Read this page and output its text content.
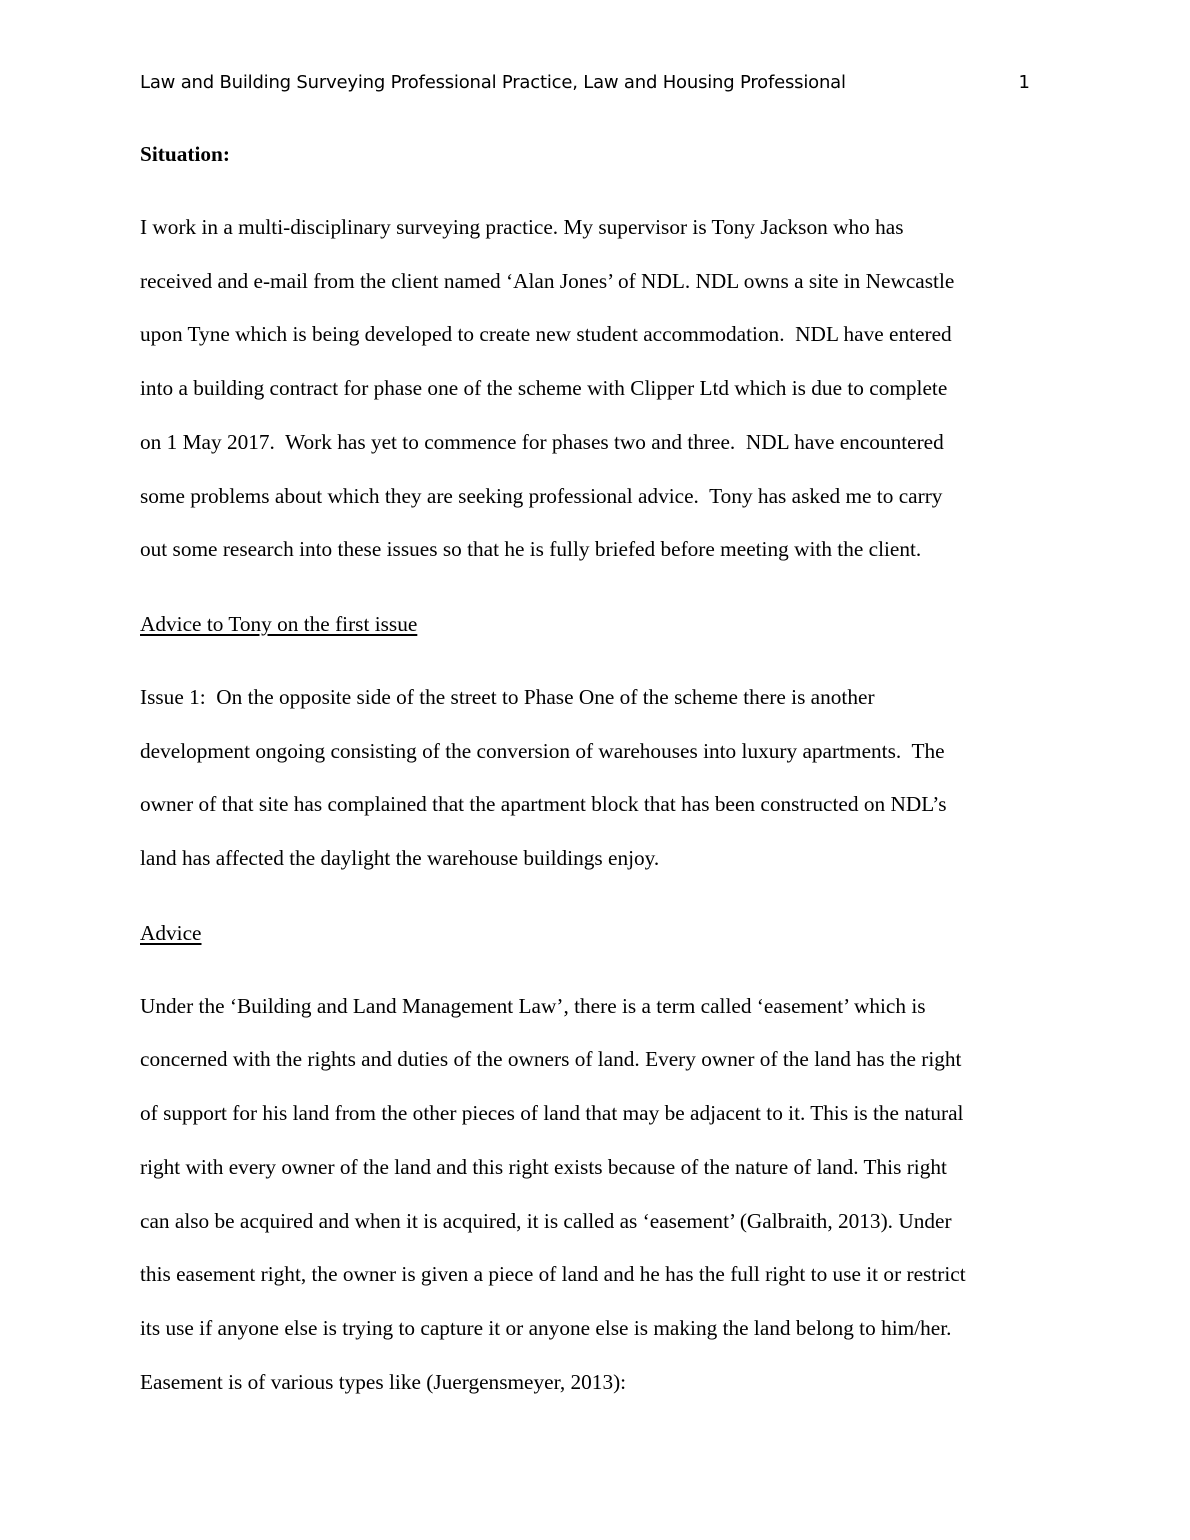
Law and Building Surveying Professional Practice, Law and Housing Professional	1
Situation:

I work in a multi-disciplinary surveying practice. My supervisor is Tony Jackson who has

received and e-mail from the client named ‘Alan Jones’ of NDL. NDL owns a site in Newcastle

upon Tyne which is being developed to create new student accommodation.  NDL have entered

into a building contract for phase one of the scheme with Clipper Ltd which is due to complete

on 1 May 2017.  Work has yet to commence for phases two and three.  NDL have encountered

some problems about which they are seeking professional advice.  Tony has asked me to carry

out some research into these issues so that he is fully briefed before meeting with the client.

Advice to Tony on the first issue

Issue 1:  On the opposite side of the street to Phase One of the scheme there is another

development ongoing consisting of the conversion of warehouses into luxury apartments.  The

owner of that site has complained that the apartment block that has been constructed on NDL’s

land has affected the daylight the warehouse buildings enjoy.

Advice

Under the ‘Building and Land Management Law’, there is a term called ‘easement’ which is

concerned with the rights and duties of the owners of land. Every owner of the land has the right

of support for his land from the other pieces of land that may be adjacent to it. This is the natural

right with every owner of the land and this right exists because of the nature of land. This right

can also be acquired and when it is acquired, it is called as ‘easement’ (Galbraith, 2013). Under

this easement right, the owner is given a piece of land and he has the full right to use it or restrict

its use if anyone else is trying to capture it or anyone else is making the land belong to him/her.

Easement is of various types like (Juergensmeyer, 2013):
